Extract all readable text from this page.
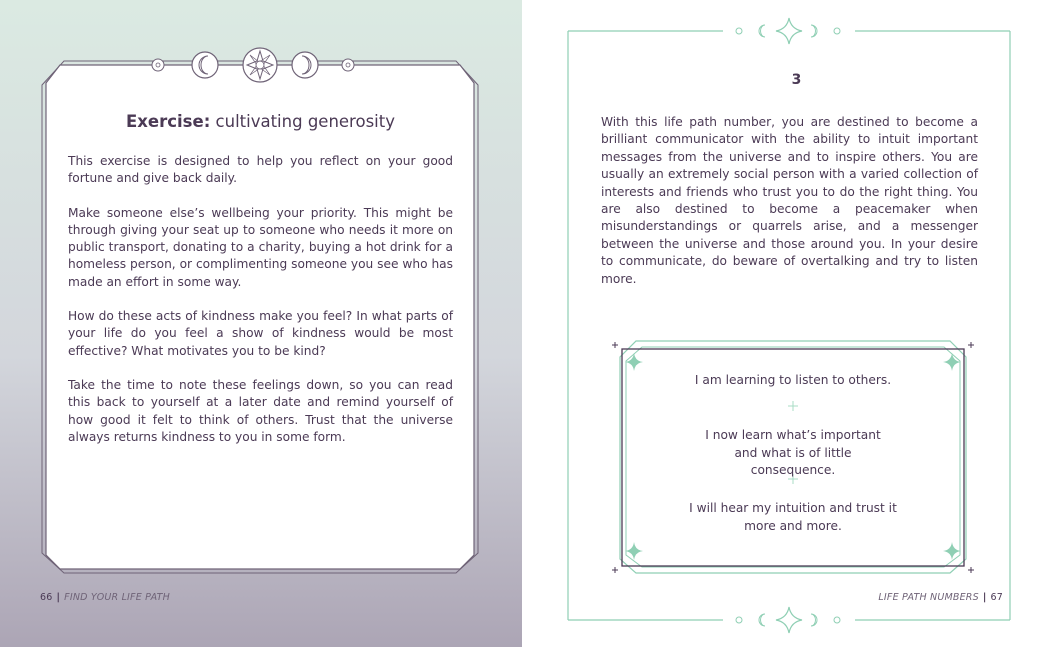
Exercise: cultivating generosity

This exercise is designed to help you reflect on your good fortune and give back daily.

Make someone else’s wellbeing your priority. This might be through giving your seat up to someone who needs it more on public transport, donating to a charity, buying a hot drink for a homeless person, or complimenting someone you see who has made an effort in some way.

How do these acts of kindness make you feel? In what parts of your life do you feel a show of kindness would be most effective? What motivates you to be kind?

Take the time to note these feelings down, so you can read this back to yourself at a later date and remind yourself of how good it felt to think of others. Trust that the universe always returns kindness to you in some form.

66 | FIND YOUR LIFE PATH
3

With this life path number, you are destined to become a brilliant communicator with the ability to intuit important messages from the universe and to inspire others. You are usually an extremely social person with a varied collection of interests and friends who trust you to do the right thing. You are also destined to become a peacemaker when misunderstandings or quarrels arise, and a messenger between the universe and those around you. In your desire to communicate, do beware of overtalking and try to listen more.

I am learning to listen to others.

I now learn what’s important and what is of little consequence.

I will hear my intuition and trust it more and more.

LIFE PATH NUMBERS | 67
